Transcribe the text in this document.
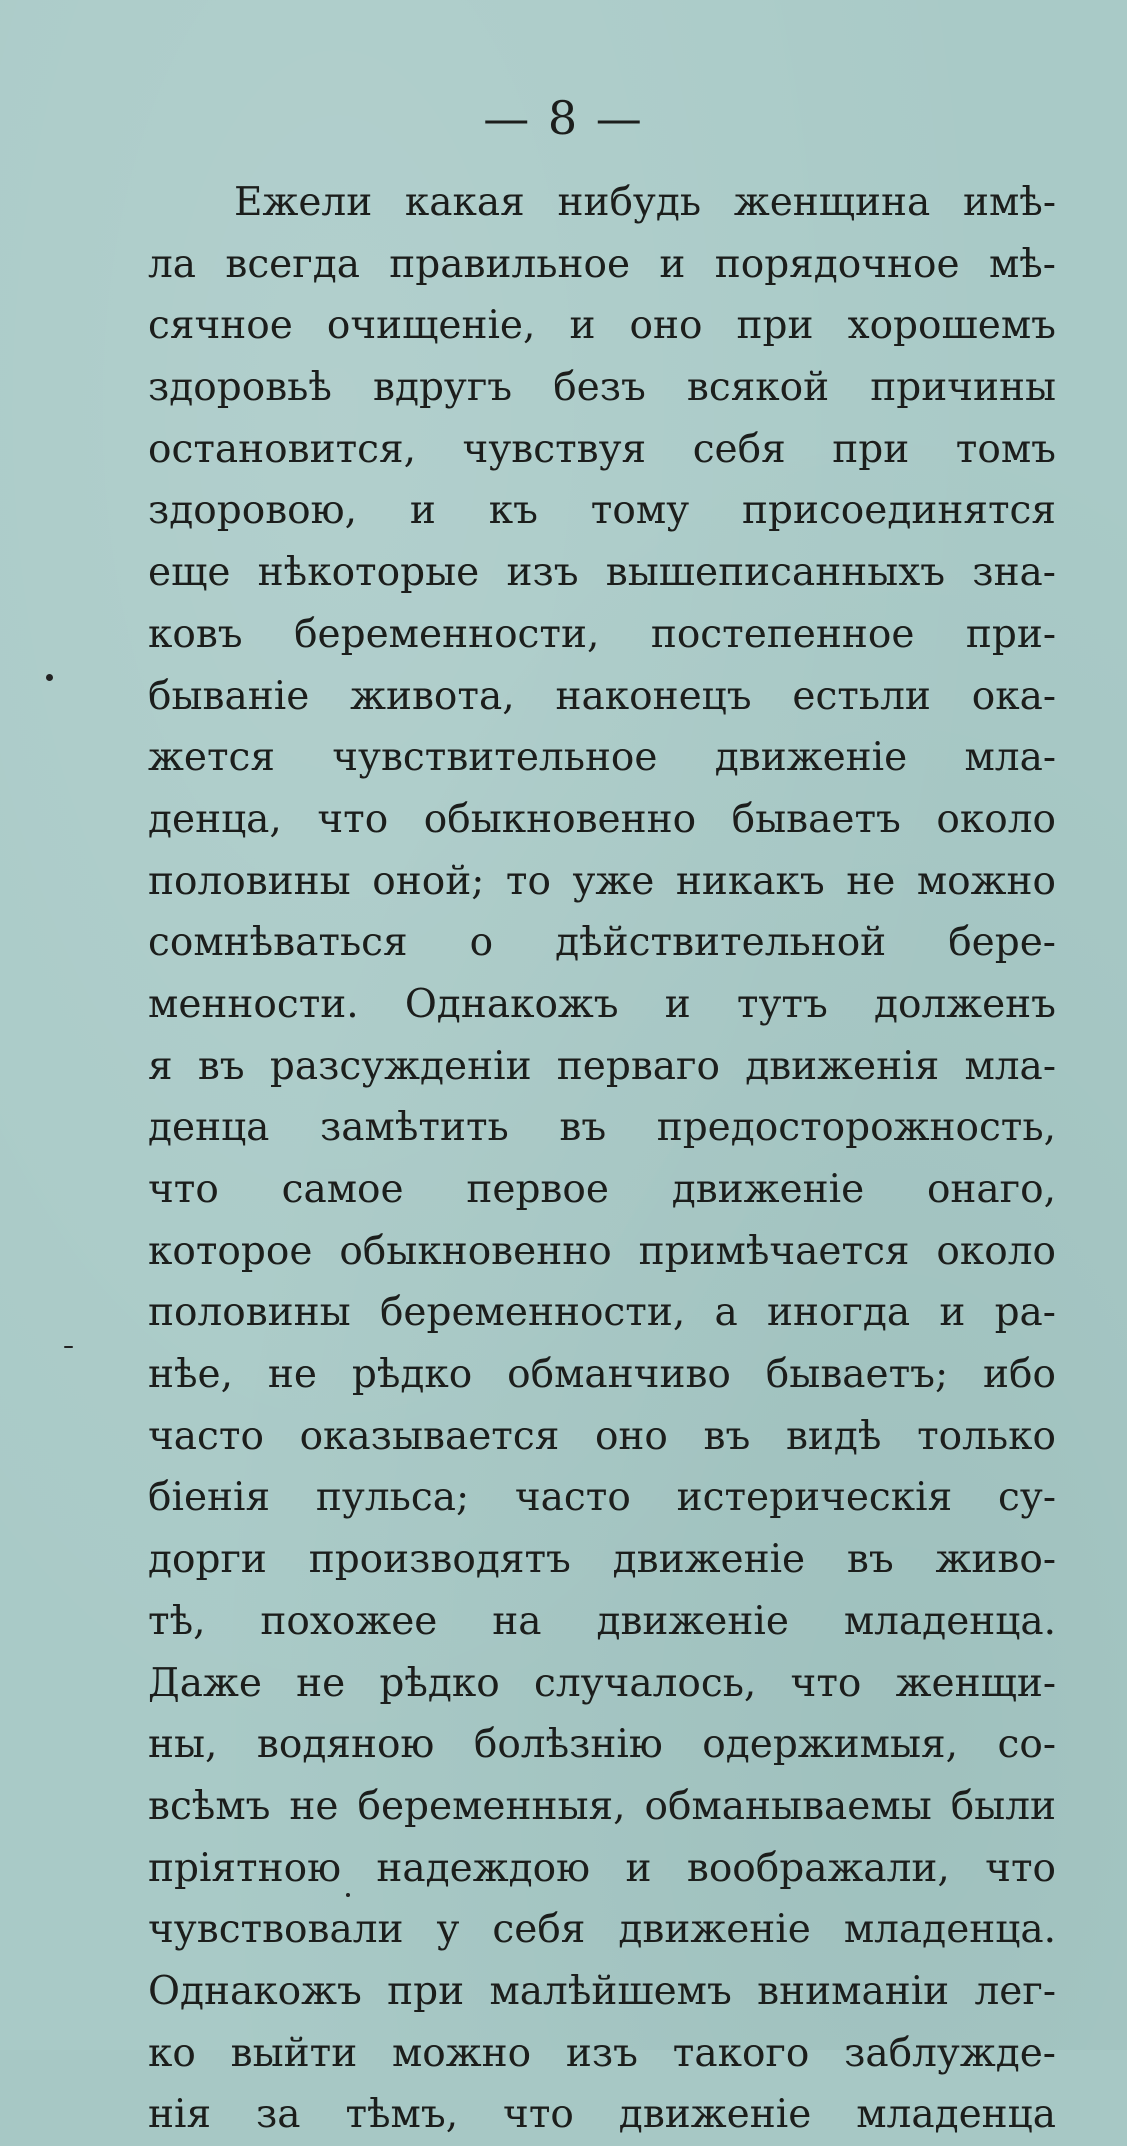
— 8 —
Ежели какая нибудь женщина имѣ-
ла всегда правильное и порядочное мѣ-
сячное очищеніе, и оно при хорошемъ
здоровьѣ вдругъ безъ всякой причины
остановится, чувствуя себя при томъ
здоровою, и къ тому присоединятся
еще нѣкоторые изъ вышеписанныхъ зна-
ковъ беременности, постепенное при-
бываніе живота, наконецъ естьли ока-
жется чувствительное движеніе мла-
денца, что обыкновенно бываетъ около
половины оной; то уже никакъ не можно
сомнѣваться о дѣйствительной бере-
менности. Однакожъ и тутъ долженъ
я въ разсужденіи перваго движенія мла-
денца замѣтить въ предосторожность,
что самое первое движеніе онаго,
которое обыкновенно примѣчается около
половины беременности, а иногда и ра-
нѣе, не рѣдко обманчиво бываетъ; ибо
часто оказывается оно въ видѣ только
біенія пульса; часто истерическія су-
дорги производятъ движеніе въ живо-
тѣ, похожее на движеніе младенца.
Даже не рѣдко случалось, что женщи-
ны, водяною болѣзнію одержимыя, со-
всѣмъ не беременныя, обманываемы были
пріятною надеждою и воображали, что
чувствовали у себя движеніе младенца.
Однакожъ при малѣйшемъ вниманіи лег-
ко выйти можно изъ такого заблужде-
нія за тѣмъ, что движеніе младенца
